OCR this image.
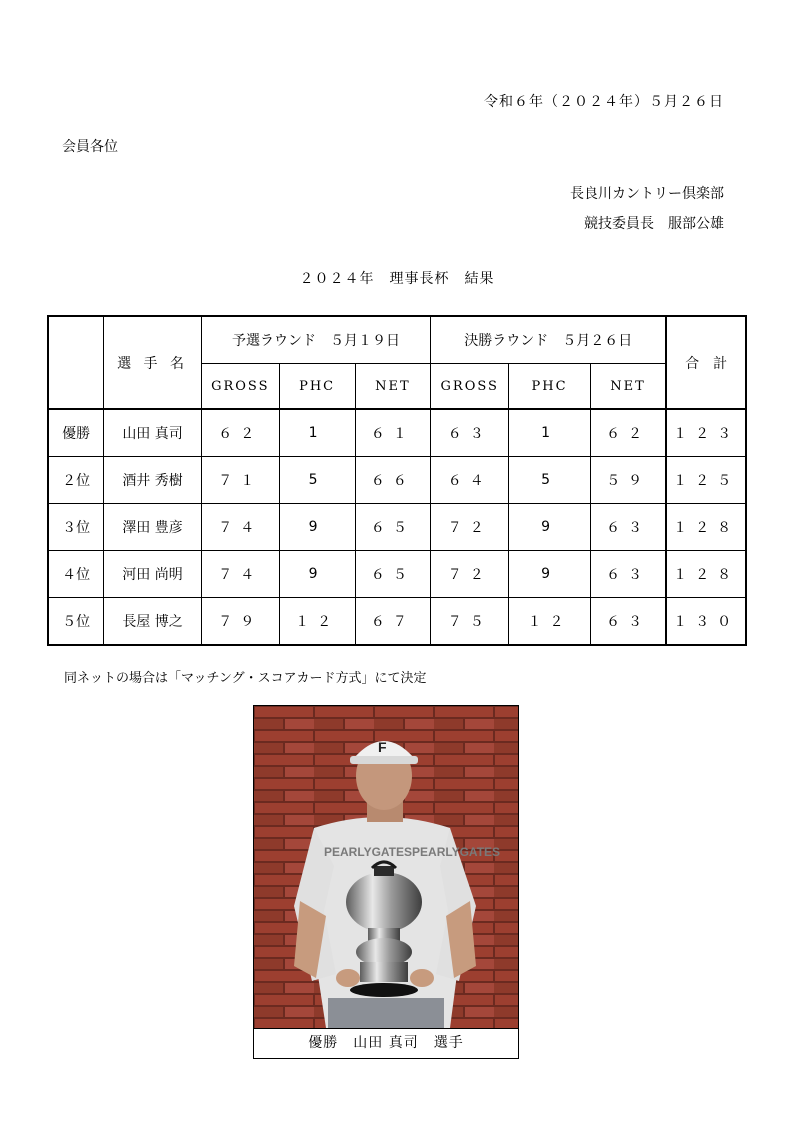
令和６年（２０２４年）５月２６日
会員各位
長良川カントリー倶楽部
競技委員長　服部公雄
２０２４年　理事長杯　結果
	選 手 名	予選ラウンド　５月１９日			決勝ラウンド　５月２６日			合　計
		GROSS	PHC	NET	GROSS	PHC	NET	
優勝	山田 真司	６２	1	６１	６３	1	６２	１２３
２位	酒井 秀樹	７１	5	６６	６４	5	５９	１２５
３位	澤田 豊彦	７４	9	６５	７２	9	６３	１２８
４位	河田 尚明	７４	9	６５	７２	9	６３	１２８
５位	長屋 博之	７９	１２	６７	７５	１２	６３	１３０
同ネットの場合は「マッチング・スコアカード方式」にて決定
PEARLYGATESPEARLYGATES
F
優勝　山田 真司　選手
